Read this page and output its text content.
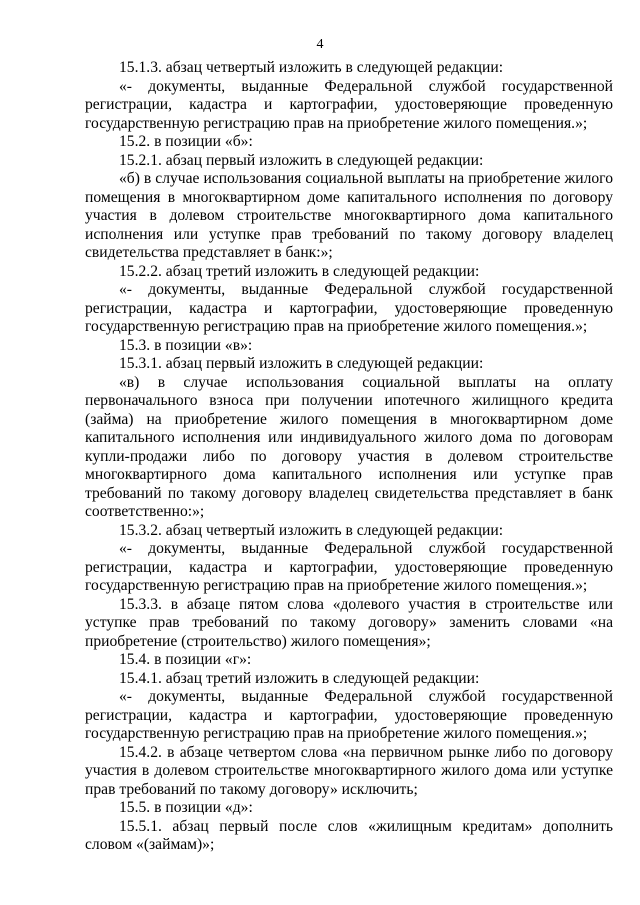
4

15.1.3. абзац четвертый изложить в следующей редакции:

«- документы, выданные Федеральной службой государственной регистрации, кадастра и картографии, удостоверяющие проведенную государственную регистрацию прав на приобретение жилого помещения.»;

15.2. в позиции «б»:

15.2.1. абзац первый изложить в следующей редакции:

«б) в случае использования социальной выплаты на приобретение жилого помещения в многоквартирном доме капитального исполнения по договору участия в долевом строительстве многоквартирного дома капитального исполнения или уступке прав требований по такому договору владелец свидетельства представляет в банк:»;

15.2.2. абзац третий изложить в следующей редакции:

«- документы, выданные Федеральной службой государственной регистрации, кадастра и картографии, удостоверяющие проведенную государственную регистрацию прав на приобретение жилого помещения.»;

15.3. в позиции «в»:

15.3.1. абзац первый изложить в следующей редакции:

«в) в случае использования социальной выплаты на оплату первоначального взноса при получении ипотечного жилищного кредита (займа) на приобретение жилого помещения в многоквартирном доме капитального исполнения или индивидуального жилого дома по договорам купли-продажи либо по договору участия в долевом строительстве многоквартирного дома капитального исполнения или уступке прав требований по такому договору владелец свидетельства представляет в банк соответственно:»;

15.3.2. абзац четвертый изложить в следующей редакции:

«- документы, выданные Федеральной службой государственной регистрации, кадастра и картографии, удостоверяющие проведенную государственную регистрацию прав на приобретение жилого помещения.»;

15.3.3. в абзаце пятом слова «долевого участия в строительстве или уступке прав требований по такому договору» заменить словами «на приобретение (строительство) жилого помещения»;

15.4. в позиции «г»:

15.4.1. абзац третий изложить в следующей редакции:

«- документы, выданные Федеральной службой государственной регистрации, кадастра и картографии, удостоверяющие проведенную государственную регистрацию прав на приобретение жилого помещения.»;

15.4.2. в абзаце четвертом слова «на первичном рынке либо по договору участия в долевом строительстве многоквартирного жилого дома или уступке прав требований по такому договору» исключить;

15.5. в позиции «д»:

15.5.1. абзац первый после слов «жилищным кредитам» дополнить словом «(займам)»;
